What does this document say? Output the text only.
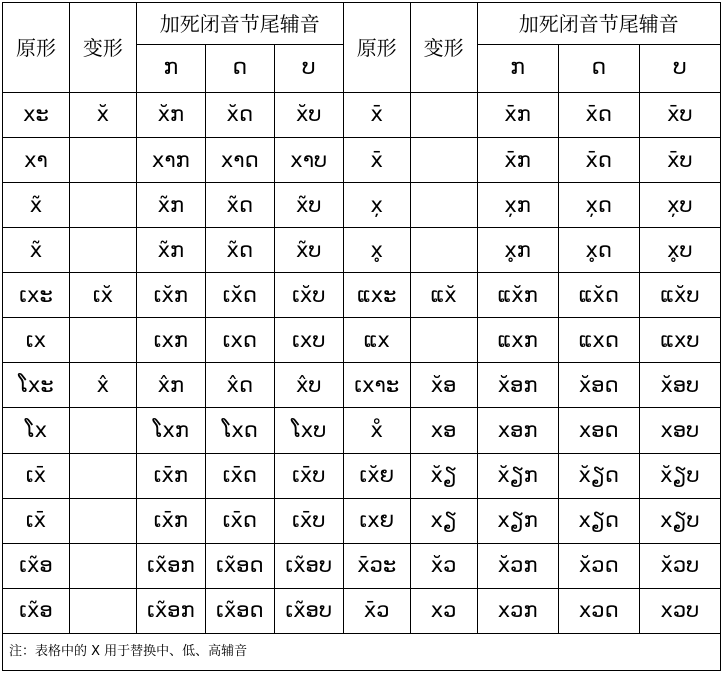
原形	变形	加死闭音节尾辅音			原形	变形	加死闭音节尾辅音		
		ກ	ດ	ບ			ກ	ດ	ບ
xະ	x̆	x̆ກ	x̆ດ	x̆ບ	x̄		x̄ກ	x̄ດ	x̄ບ
xາ		xາກ	xາດ	xາບ	x̄		x̄ກ	x̄ດ	x̄ບ
x̃		x̃ກ	x̃ດ	x̃ບ	x̦		x̦ກ	x̦ດ	x̦ບ
x̃		x̃ກ	x̃ດ	x̃ບ	x̥		x̥ກ	x̥ດ	x̥ບ
ເxະ	ເx̆	ເx̆ກ	ເx̆ດ	ເx̆ບ	ແxະ	ແx̆	ແx̆ກ	ແx̆ດ	ແx̆ບ
ເx		ເxກ	ເxດ	ເxບ	ແx		ແxກ	ແxດ	ແxບ
ໂxະ	x̂	x̂ກ	x̂ດ	x̂ບ	ເxາະ	x̆ອ	x̆ອກ	x̆ອດ	x̆ອບ
ໂx		ໂxກ	ໂxດ	ໂxບ	x̊	xອ	xອກ	xອດ	xອບ
ເx̄		ເx̄ກ	ເx̄ດ	ເx̄ບ	ເx̆ຍ	x̆ຽ	x̆ຽກ	x̆ຽດ	x̆ຽບ
ເx̄		ເx̄ກ	ເx̄ດ	ເx̄ບ	ເxຍ	xຽ	xຽກ	xຽດ	xຽບ
ເx̃ອ		ເx̃ອກ	ເx̃ອດ	ເx̃ອບ	x̄ວະ	x̆ວ	x̆ວກ	x̆ວດ	x̆ວບ
ເx̃ອ		ເx̃ອກ	ເx̃ອດ	ເx̃ອບ	x̄ວ	xວ	xວກ	xວດ	xວບ
注：表格中的 X 用于替换中、低、高辅音									
